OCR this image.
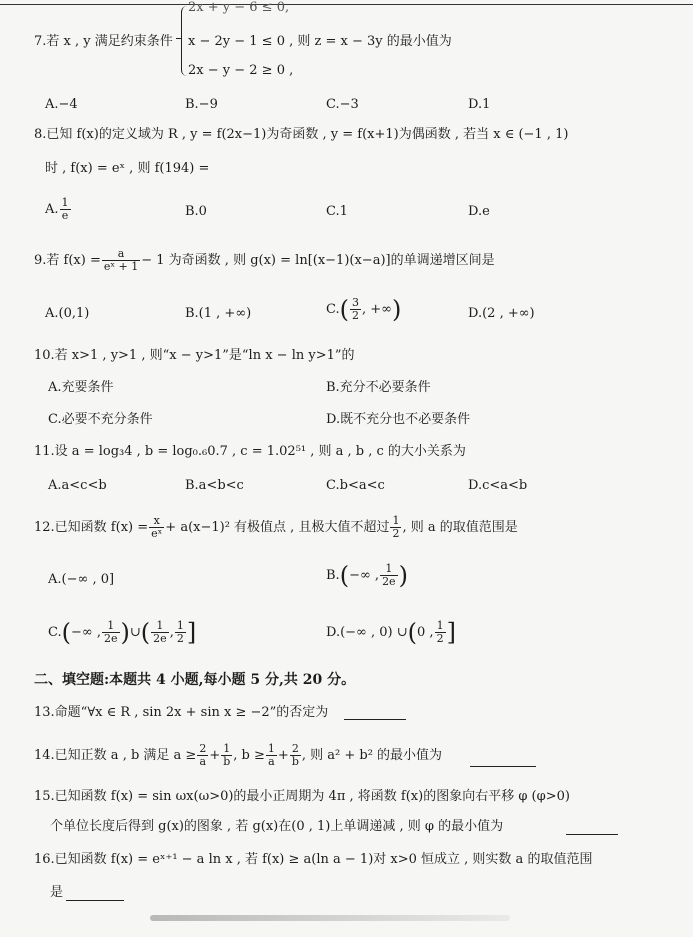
2x + y − 6 ≤ 0,
7.若 x , y 满足约束条件 x − 2y − 1 ≤ 0 , 则 z = x − 3y 的最小值为
2x − y − 2 ≥ 0 ,
A.−4	B.−9	C.−3	D.1
8.已知 f(x)的定义域为 R , y = f(2x−1)为奇函数 , y = f(x+1)为偶函数 , 若当 x ∈ (−1 , 1)
时 , f(x) = eˣ , 则 f(194) =
A. $\frac{1}{e}$	B.0	C.1	D.e
9.若 $f(x) = \frac{a}{\text{eˣ + 1}} - 1$ 为奇函数 , 则 g(x) = ln[(x−1)(x−a)]的单调递增区间是
A.(0,1)	B.(1 , +∞)	$C.( \frac{3}{2}$ , +∞)	D.(2 , +∞)
10.若 x>1 , y>1 , 则“x − y>1”是“ln x − ln y>1”的
A.充要条件	B.充分不必要条件
C.必要不充分条件	D.既不充分也不必要条件
11.设 a = log₃4 , b = log₀.₆0.7 , c = 1.02⁵¹ , 则 a , b , c 的大小关系为
A.a<c<b	B.a<b<c	C.b<a<c	D.c<a<b
12.已知函数 $f(x) = \frac{x}{\text{eˣ}} + a(x-1)^2$ 有极值点 , 且极大值不超过 $\frac{1}{2}$ , 则 a 的取值范围是
A.(−∞ , 0]	B.(−∞ , $\frac{1}{2e}$ )
C.(−∞ , $\frac{1}{2e}$ )∪( $\frac{1}{2e}$ , $\frac{1}{2}$ ]	D.(−∞ , 0) ∪(0 , $\frac{1}{2}$ ]
二、填空题:本题共 4 小题,每小题 5 分,共 20 分。
13.命题“∀x ∈ R , sin 2x + sin x ≥ −2”的否定为
14.已知正数 a , b 满足 $a \ge \frac{2}{a} + \frac{1}{b}$ , $b \ge \frac{1}{a} + \frac{2}{b}$ , 则 a² + b² 的最小值为
15.已知函数 f(x) = sin ωx(ω>0)的最小正周期为 4π , 将函数 f(x)的图象向右平移 φ (φ>0)
个单位长度后得到 g(x)的图象 , 若 g(x)在(0 , 1)上单调递减 , 则 φ 的最小值为
16.已知函数 f(x) = eˣ⁺¹ − a ln x , 若 f(x) ≥ a(ln a − 1)对 x>0 恒成立 , 则实数 a 的取值范围
是
